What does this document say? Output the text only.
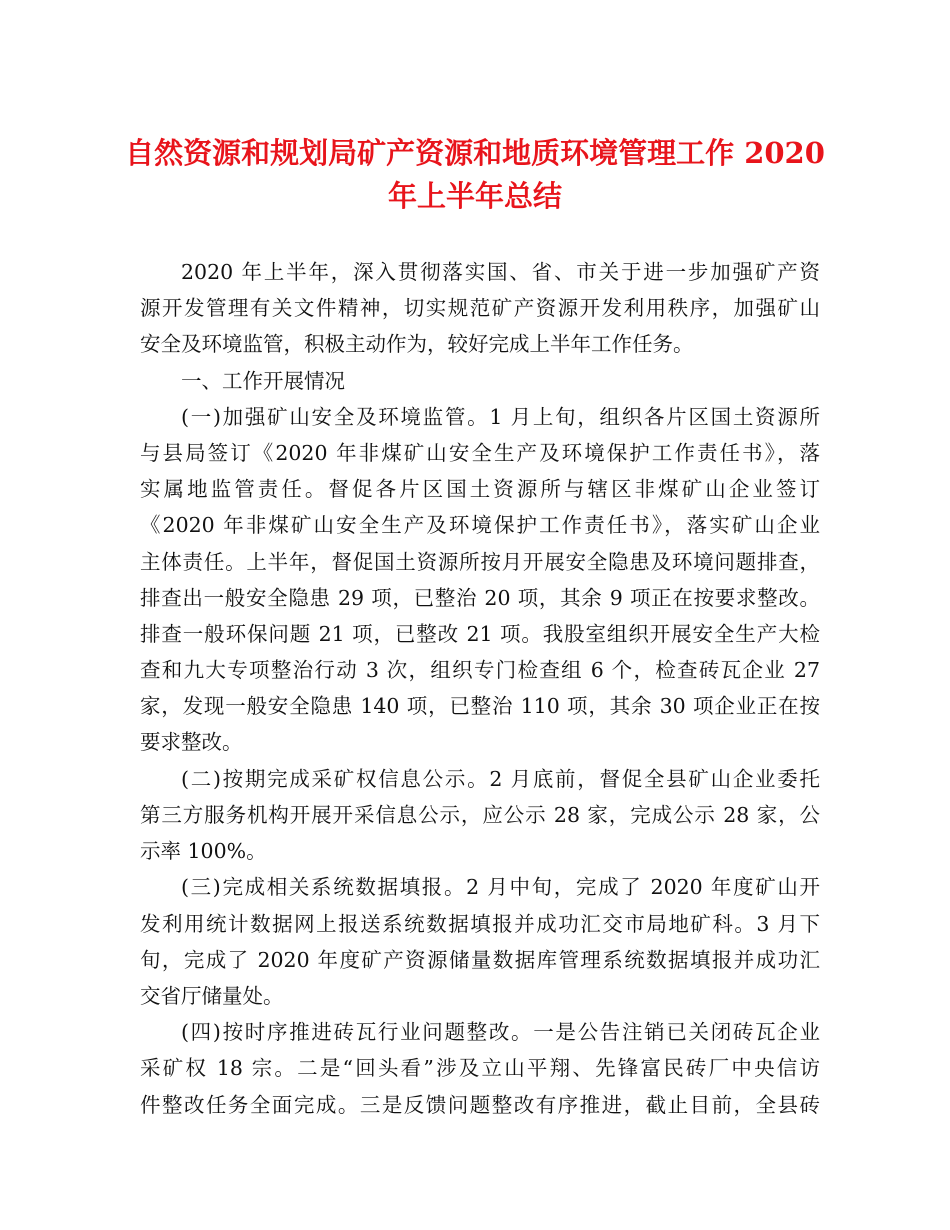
自然资源和规划局矿产资源和地质环境管理工作 2020
年上半年总结
2020 年上半年，深入贯彻落实国、省、市关于进一步加强矿产资
源开发管理有关文件精神，切实规范矿产资源开发利用秩序，加强矿山
安全及环境监管，积极主动作为，较好完成上半年工作任务。
一、工作开展情况
(一)加强矿山安全及环境监管。1 月上旬，组织各片区国土资源所
与县局签订《2020 年非煤矿山安全生产及环境保护工作责任书》，落
实属地监管责任。督促各片区国土资源所与辖区非煤矿山企业签订
《2020 年非煤矿山安全生产及环境保护工作责任书》，落实矿山企业
主体责任。上半年，督促国土资源所按月开展安全隐患及环境问题排查，
排查出一般安全隐患 29 项，已整治 20 项，其余 9 项正在按要求整改。
排查一般环保问题 21 项，已整改 21 项。我股室组织开展安全生产大检
查和九大专项整治行动 3 次，组织专门检查组 6 个，检查砖瓦企业 27
家，发现一般安全隐患 140 项，已整治 110 项，其余 30 项企业正在按
要求整改。
(二)按期完成采矿权信息公示。2 月底前，督促全县矿山企业委托
第三方服务机构开展开采信息公示，应公示 28 家，完成公示 28 家，公
示率 100%。
(三)完成相关系统数据填报。2 月中旬，完成了 2020 年度矿山开
发利用统计数据网上报送系统数据填报并成功汇交市局地矿科。3 月下
旬，完成了 2020 年度矿产资源储量数据库管理系统数据填报并成功汇
交省厅储量处。
(四)按时序推进砖瓦行业问题整改。一是公告注销已关闭砖瓦企业
采矿权 18 宗。二是“回头看”涉及立山平翔、先锋富民砖厂中央信访
件整改任务全面完成。三是反馈问题整改有序推进，截止目前，全县砖
